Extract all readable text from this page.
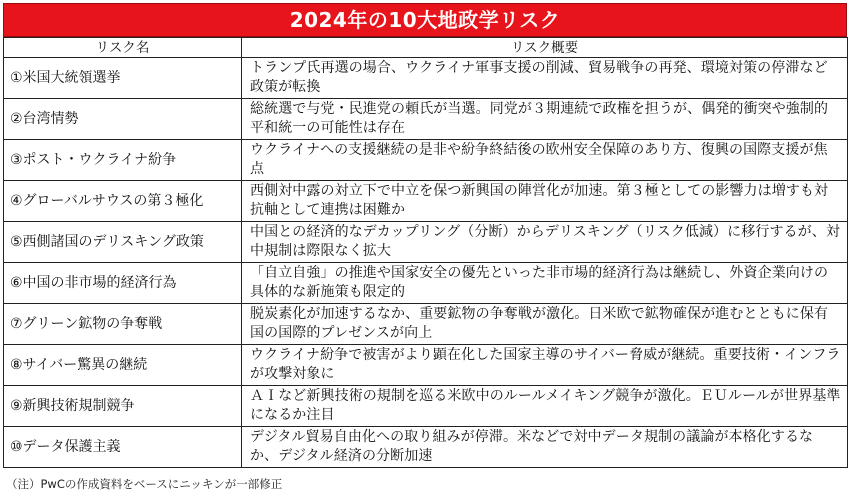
2024年の10大地政学リスク
リスク名	リスク概要
①米国大統領選挙	トランプ氏再選の場合、ウクライナ軍事支援の削減、貿易戦争の再発、環境対策の停滞など政策が転換
②台湾情勢	総統選で与党・民進党の頼氏が当選。同党が３期連続で政権を担うが、偶発的衝突や強制的平和統一の可能性は存在
③ポスト・ウクライナ紛争	ウクライナへの支援継続の是非や紛争終結後の欧州安全保障のあり方、復興の国際支援が焦点
④グローバルサウスの第３極化	西側対中露の対立下で中立を保つ新興国の陣営化が加速。第３極としての影響力は増すも対抗軸として連携は困難か
⑤西側諸国のデリスキング政策	中国との経済的なデカップリング（分断）からデリスキング（リスク低減）に移行するが、対中規制は際限なく拡大
⑥中国の非市場的経済行為	「自立自強」の推進や国家安全の優先といった非市場的経済行為は継続し、外資企業向けの具体的な新施策も限定的
⑦グリーン鉱物の争奪戦	脱炭素化が加速するなか、重要鉱物の争奪戦が激化。日米欧で鉱物確保が進むとともに保有国の国際的プレゼンスが向上
⑧サイバー驚異の継続	ウクライナ紛争で被害がより顕在化した国家主導のサイバー脅威が継続。重要技術・インフラが攻撃対象に
⑨新興技術規制競争	ＡＩなど新興技術の規制を巡る米欧中のルールメイキング競争が激化。ＥＵルールが世界基準になるか注目
⑩データ保護主義	デジタル貿易自由化への取り組みが停滞。米などで対中データ規制の議論が本格化するなか、デジタル経済の分断加速
（注）PwCの作成資料をベースにニッキンが一部修正
